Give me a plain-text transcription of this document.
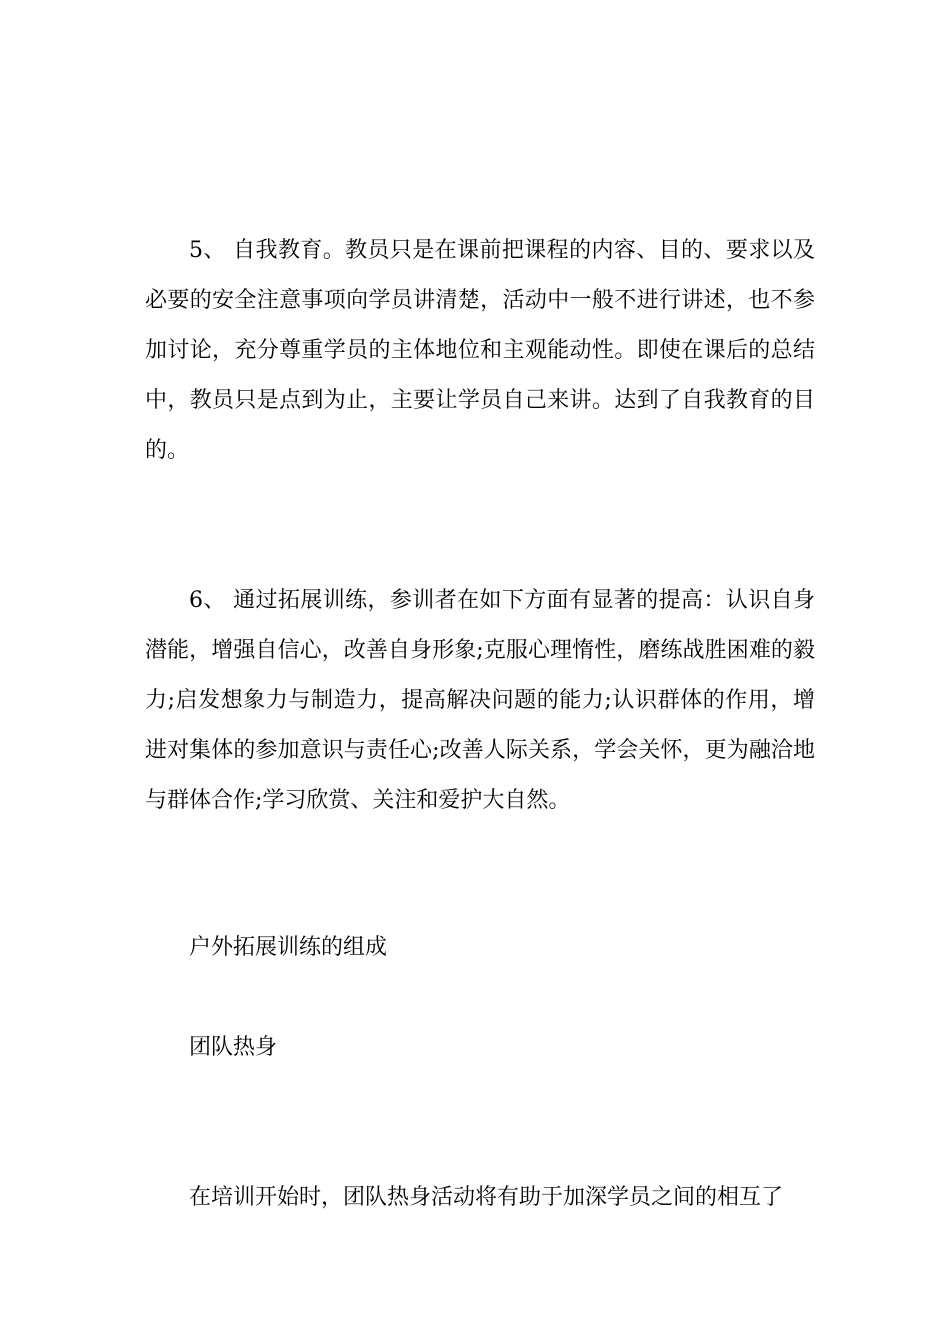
5、 自我教育。教员只是在课前把课程的内容、目的、要求以及必要的安全注意事项向学员讲清楚，活动中一般不进行讲述，也不参加讨论，充分尊重学员的主体地位和主观能动性。即使在课后的总结中，教员只是点到为止，主要让学员自己来讲。达到了自我教育的目的。

6、 通过拓展训练，参训者在如下方面有显著的提高：认识自身潜能，增强自信心，改善自身形象;克服心理惰性，磨练战胜困难的毅力;启发想象力与制造力，提高解决问题的能力;认识群体的作用，增进对集体的参加意识与责任心;改善人际关系，学会关怀，更为融洽地与群体合作;学习欣赏、关注和爱护大自然。

户外拓展训练的组成

团队热身

在培训开始时，团队热身活动将有助于加深学员之间的相互了
